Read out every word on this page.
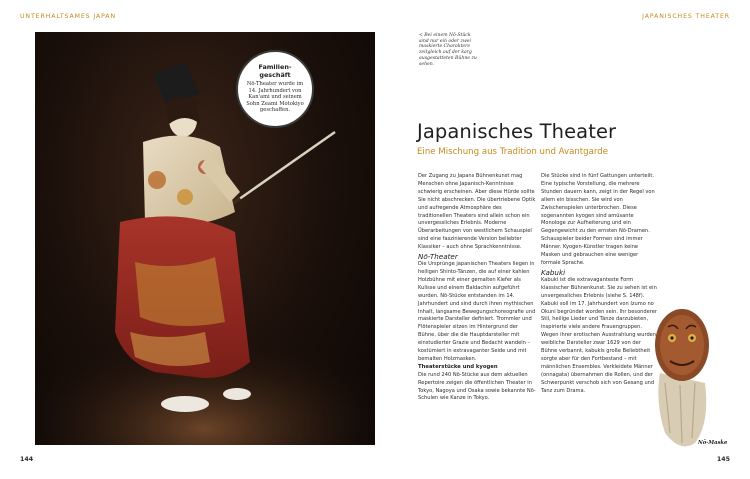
UNTERHALTSAMES JAPAN	JAPANISCHES THEATER
Familien-geschäft
Nō-Theater wurde im 14. Jahrhundert von Kan'ami und seinem Sohn Zeami Motokiyo geschaffen.
144
< Bei einem Nō-Stück sind nur ein oder zwei maskierte Charaktere zeitgleich auf der karg ausgestatteten Bühne zu sehen.
Japanisches Theater
Eine Mischung aus Tradition und Avantgarde

Der Zugang zu Japans Bühnenkunst mag Menschen ohne Japanisch-Kenntnisse schwierig erscheinen. Aber diese Hürde sollte Sie nicht abschrecken. Die übertriebene Optik und aufregende Atmosphäre des traditionellen Theaters sind allein schon ein unvergessliches Erlebnis. Moderne Überarbeitungen von westlichem Schauspiel sind eine faszinierende Version beliebter Klassiker – auch ohne Sprachkenntnisse.

Nō-Theater

Die Ursprünge japanischen Theaters liegen in heiligen Shinto-Tänzen, die auf einer kahlen Holzbühne mit einer gemalten Kiefer als Kulisse und einem Baldachin aufgeführt wurden. Nō-Stücke entstanden im 14. Jahrhundert und sind durch ihren mythischen Inhalt, langsame Bewegungschoreografie und maskierte Darsteller definiert. Trommler und Flötenspieler sitzen im Hintergrund der Bühne, über die die Hauptdarsteller mit einstudierter Grazie und Bedacht wandeln – kostümiert in extravaganter Seide und mit bemalten Holzmasken.

Theaterstücke und kyogen

Die rund 240 Nō-Stücke aus dem aktuellen Repertoire zeigen die öffentlichen Theater in Tokyo, Nagoya und Osaka sowie bekannte Nō-Schulen wie Kanze in Tokyo.

Die Stücke sind in fünf Gattungen unterteilt. Eine typische Vorstellung, die mehrere Stunden dauern kann, zeigt in der Regel von allem ein bisschen. Sie wird von Zwischenspielen unterbrochen. Diese sogenannten kyogen sind amüsante Monologe zur Aufheiterung und ein Gegengewicht zu den ernsten Nō-Dramen. Schauspieler beider Formen sind immer Männer. Kyogen-Künstler tragen keine Masken und gebrauchen eine weniger formale Sprache.

Kabuki

Kabuki ist die extravaganteste Form klassischer Bühnenkunst. Sie zu sehen ist ein unvergessliches Erlebnis (siehe S. 148f). Kabuki soll im 17. Jahrhundert von Izumo no Okuni begründet worden sein. Ihr besonderer Stil, heilige Lieder und Tänze darzubieten, inspirierte viele andere Frauengruppen. Wegen ihrer erotischen Ausstrahlung wurden weibliche Darsteller zwar 1629 von der Bühne verbannt, kabukis große Beliebtheit sorgte aber für den Fortbestand – mit männlichen Ensembles. Verkleidete Männer (onnagata) übernahmen die Rollen, und der Schwerpunkt verschob sich von Gesang und Tanz zum Drama.

Nō-Maske
145
